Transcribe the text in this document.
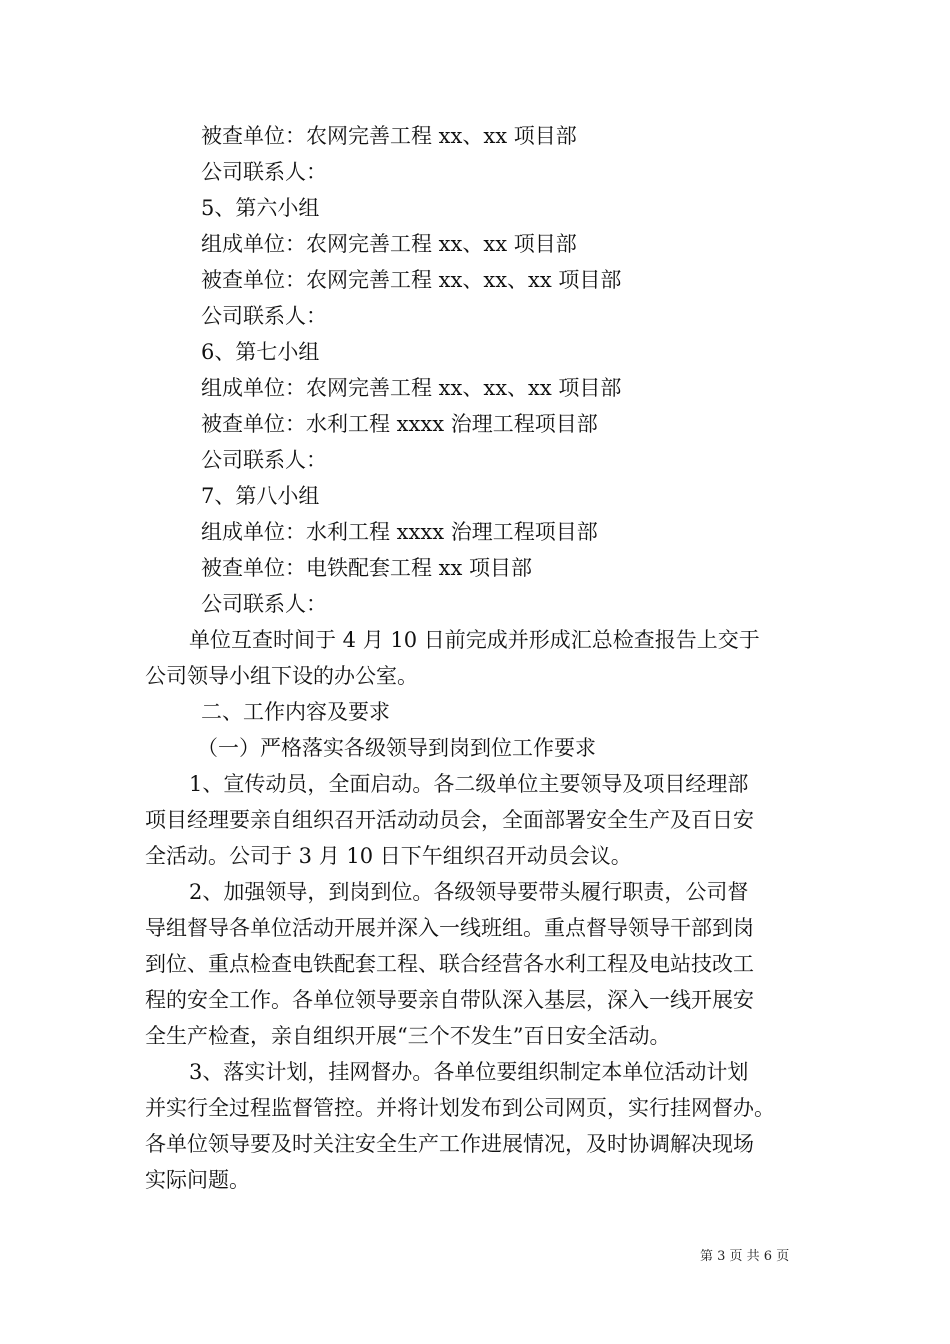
被查单位：农网完善工程 xx、xx 项目部
公司联系人：
5、第六小组
组成单位：农网完善工程 xx、xx 项目部
被查单位：农网完善工程 xx、xx、xx 项目部
公司联系人：
6、第七小组
组成单位：农网完善工程 xx、xx、xx 项目部
被查单位：水利工程 xxxx 治理工程项目部
公司联系人：
7、第八小组
组成单位：水利工程 xxxx 治理工程项目部
被查单位：电铁配套工程 xx 项目部
公司联系人：
单位互查时间于 4 月 10 日前完成并形成汇总检查报告上交于
公司领导小组下设的办公室。
二、工作内容及要求
（一）严格落实各级领导到岗到位工作要求
1、宣传动员，全面启动。各二级单位主要领导及项目经理部
项目经理要亲自组织召开活动动员会，全面部署安全生产及百日安
全活动。公司于 3 月 10 日下午组织召开动员会议。
2、加强领导，到岗到位。各级领导要带头履行职责，公司督
导组督导各单位活动开展并深入一线班组。重点督导领导干部到岗
到位、重点检查电铁配套工程、联合经营各水利工程及电站技改工
程的安全工作。各单位领导要亲自带队深入基层，深入一线开展安
全生产检查，亲自组织开展“三个不发生”百日安全活动。
3、落实计划，挂网督办。各单位要组织制定本单位活动计划
并实行全过程监督管控。并将计划发布到公司网页，实行挂网督办。
各单位领导要及时关注安全生产工作进展情况，及时协调解决现场
实际问题。
第 3 页 共 6 页
